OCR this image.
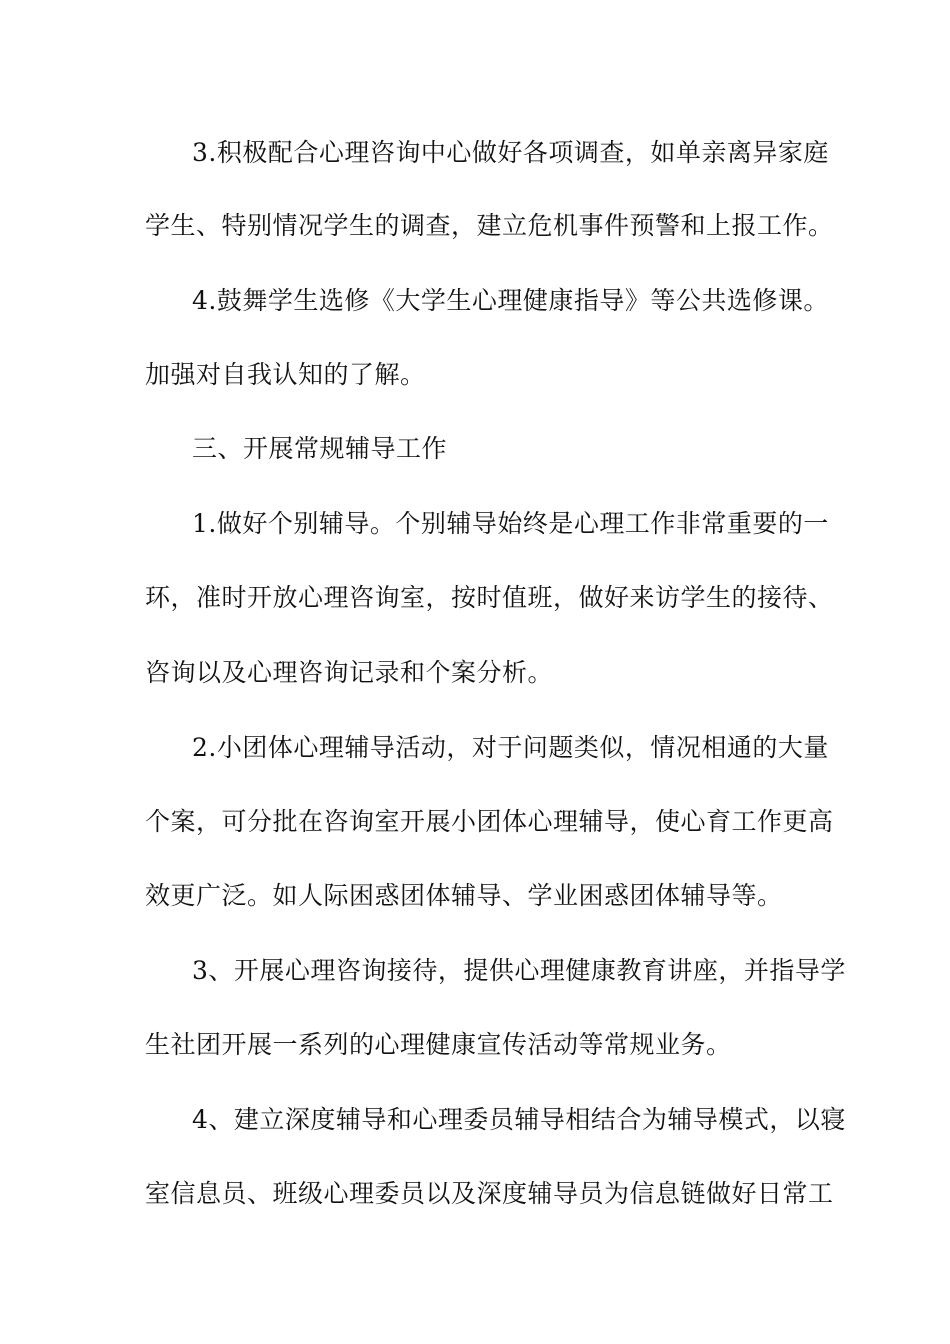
3.积极配合心理咨询中心做好各项调查，如单亲离异家庭
学生、特别情况学生的调查，建立危机事件预警和上报工作。
4.鼓舞学生选修《大学生心理健康指导》等公共选修课。
加强对自我认知的了解。
三、开展常规辅导工作
1.做好个别辅导。个别辅导始终是心理工作非常重要的一
环，准时开放心理咨询室，按时值班，做好来访学生的接待、
咨询以及心理咨询记录和个案分析。
2.小团体心理辅导活动，对于问题类似，情况相通的大量
个案，可分批在咨询室开展小团体心理辅导，使心育工作更高
效更广泛。如人际困惑团体辅导、学业困惑团体辅导等。
3、开展心理咨询接待，提供心理健康教育讲座，并指导学
生社团开展一系列的心理健康宣传活动等常规业务。
4、建立深度辅导和心理委员辅导相结合为辅导模式，以寝
室信息员、班级心理委员以及深度辅导员为信息链做好日常工
